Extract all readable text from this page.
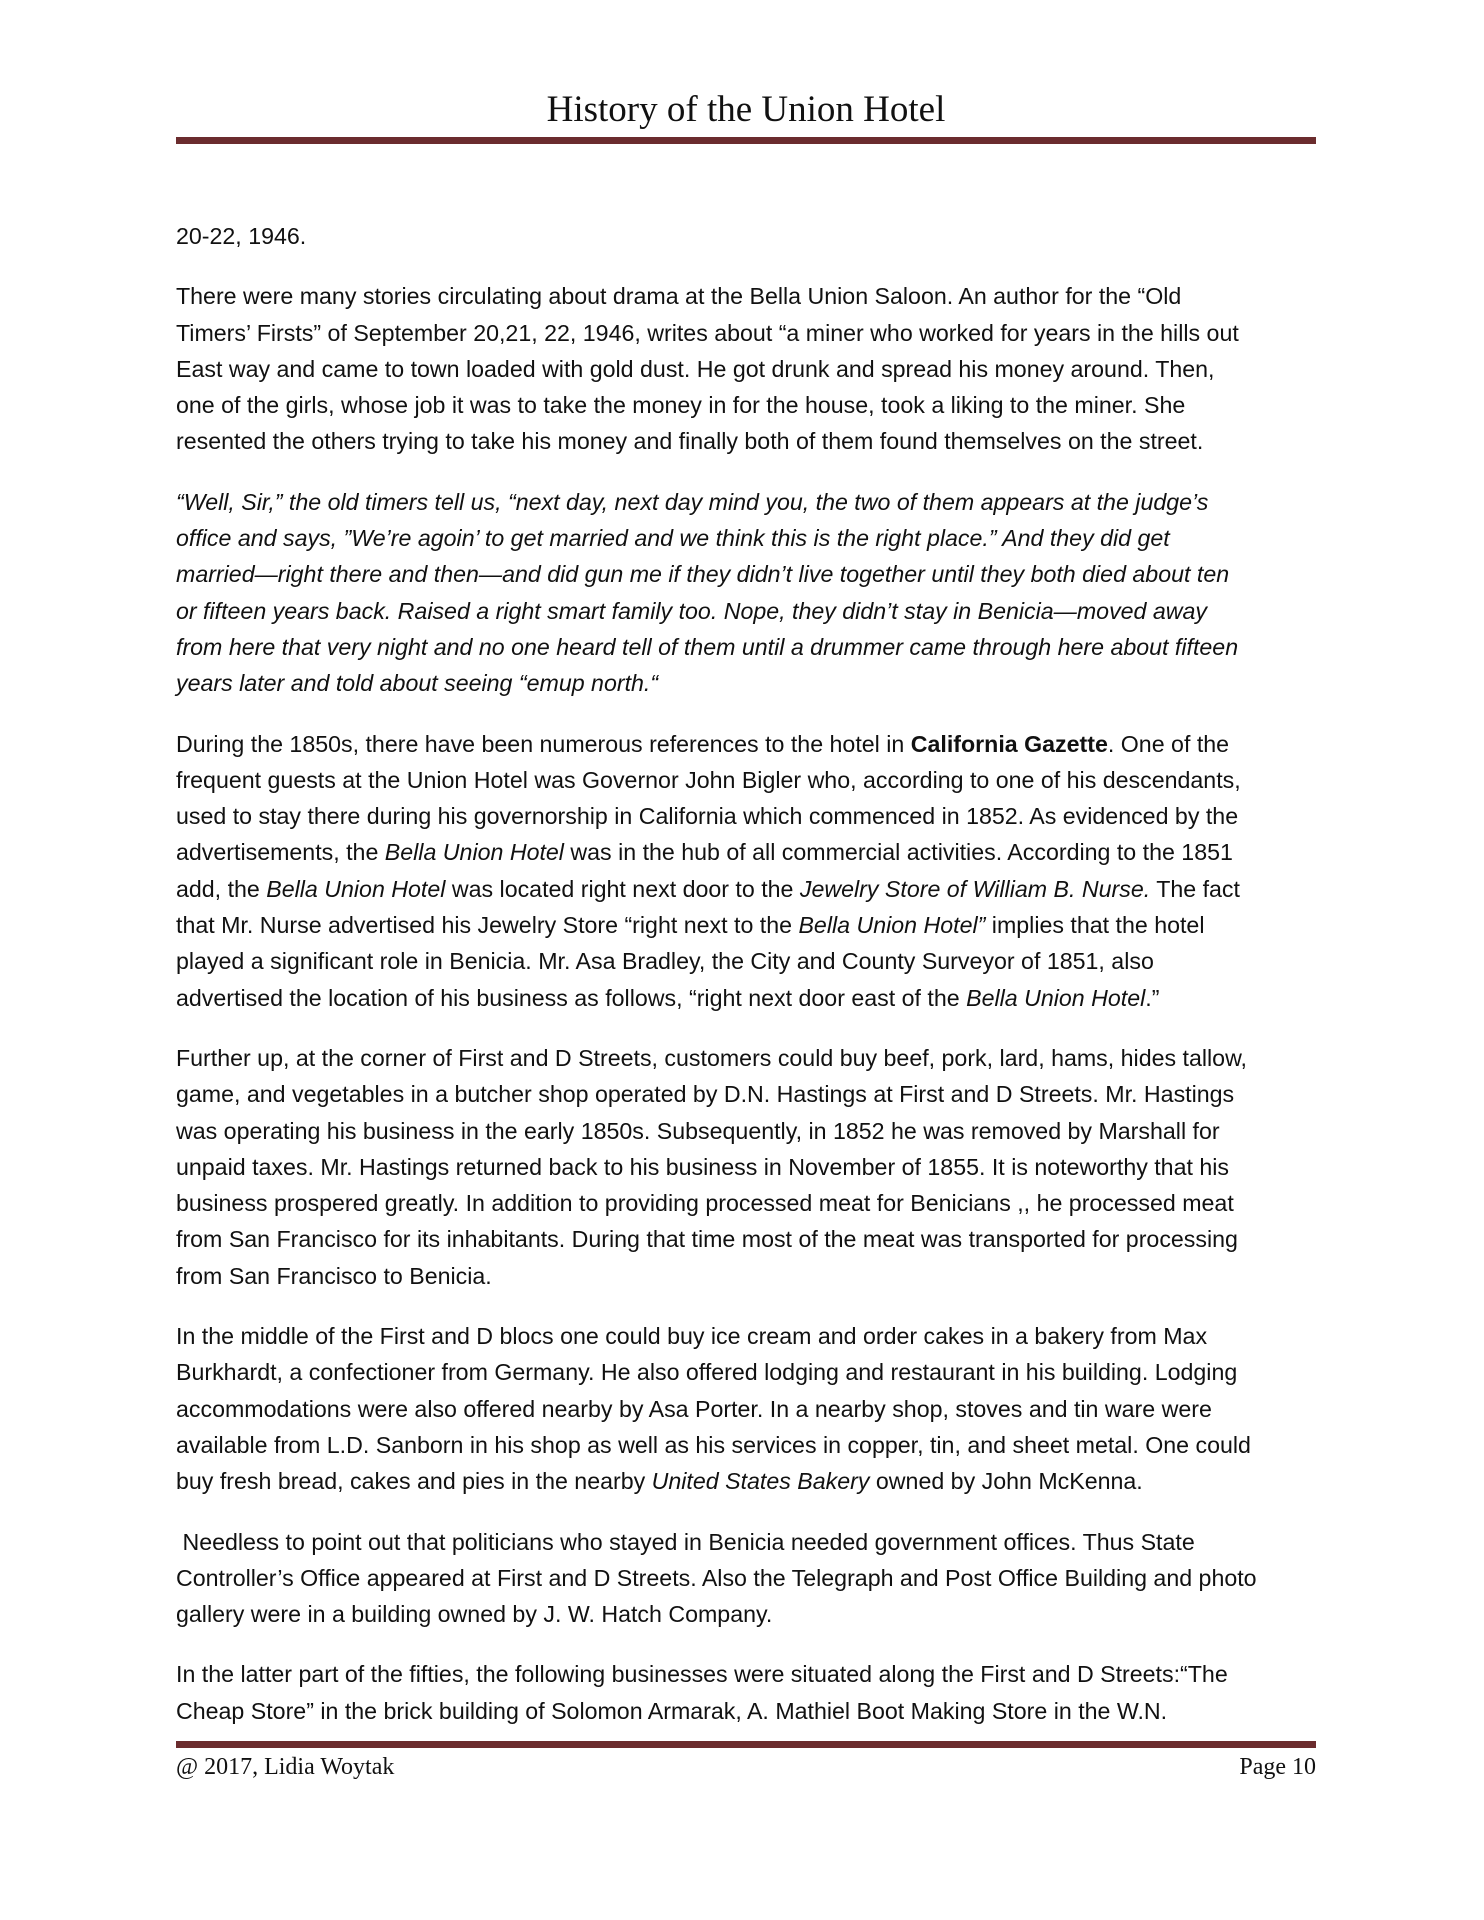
History of the Union Hotel

20-22, 1946.

There were many stories circulating about drama at the Bella Union Saloon. An author for the “Old
Timers’ Firsts” of September 20,21, 22, 1946, writes about “a miner who worked for years in the hills out
East way and came to town loaded with gold dust. He got drunk and spread his money around. Then,
one of the girls, whose job it was to take the money in for the house, took a liking to the miner. She
resented the others trying to take his money and finally both of them found themselves on the street.

“Well, Sir,” the old timers tell us, “next day, next day mind you, the two of them appears at the judge’s
office and says, ”We’re agoin’ to get married and we think this is the right place.” And they did get
married—right there and then—and did gun me if they didn’t live together until they both died about ten
or fifteen years back. Raised a right smart family too. Nope, they didn’t stay in Benicia—moved away
from here that very night and no one heard tell of them until a drummer came through here about fifteen
years later and told about seeing “emup north.“

During the 1850s, there have been numerous references to the hotel in California Gazette. One of the
frequent guests at the Union Hotel was Governor John Bigler who, according to one of his descendants,
used to stay there during his governorship in California which commenced in 1852. As evidenced by the
advertisements, the Bella Union Hotel was in the hub of all commercial activities. According to the 1851
add, the Bella Union Hotel was located right next door to the Jewelry Store of William B. Nurse. The fact
that Mr. Nurse advertised his Jewelry Store “right next to the Bella Union Hotel” implies that the hotel
played a significant role in Benicia. Mr. Asa Bradley, the City and County Surveyor of 1851, also
advertised the location of his business as follows, “right next door east of the Bella Union Hotel.”

Further up, at the corner of First and D Streets, customers could buy beef, pork, lard, hams, hides tallow,
game, and vegetables in a butcher shop operated by D.N. Hastings at First and D Streets. Mr. Hastings
was operating his business in the early 1850s. Subsequently, in 1852 he was removed by Marshall for
unpaid taxes. Mr. Hastings returned back to his business in November of 1855. It is noteworthy that his
business prospered greatly. In addition to providing processed meat for Benicians ,, he processed meat
from San Francisco for its inhabitants. During that time most of the meat was transported for processing
from San Francisco to Benicia.

In the middle of the First and D blocs one could buy ice cream and order cakes in a bakery from Max
Burkhardt, a confectioner from Germany. He also offered lodging and restaurant in his building. Lodging
accommodations were also offered nearby by Asa Porter. In a nearby shop, stoves and tin ware were
available from L.D. Sanborn in his shop as well as his services in copper, tin, and sheet metal. One could
buy fresh bread, cakes and pies in the nearby United States Bakery owned by John McKenna.

Needless to point out that politicians who stayed in Benicia needed government offices. Thus State
Controller’s Office appeared at First and D Streets. Also the Telegraph and Post Office Building and photo
gallery were in a building owned by J. W. Hatch Company.

In the latter part of the fifties, the following businesses were situated along the First and D Streets:“The
Cheap Store” in the brick building of Solomon Armarak, A. Mathiel Boot Making Store in the W.N.

@ 2017, Lidia Woytak	Page 10
